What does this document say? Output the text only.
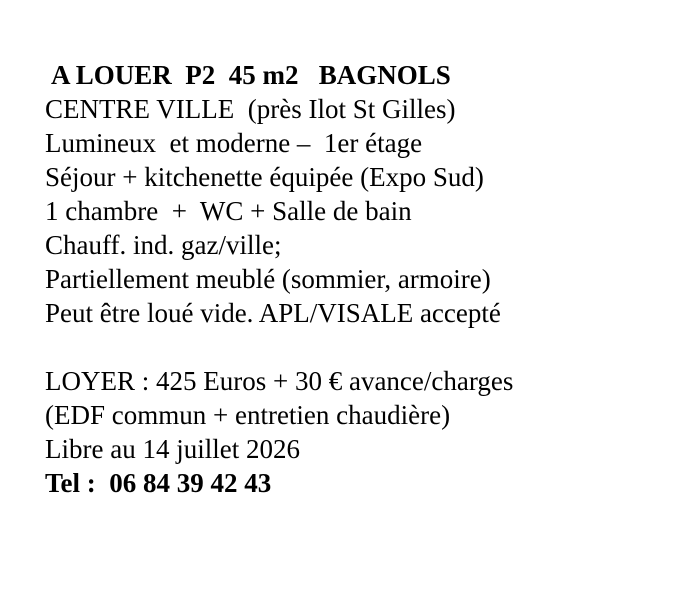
A LOUER  P2  45 m2   BAGNOLS
CENTRE VILLE  (près Ilot St Gilles)
Lumineux  et moderne –  1er étage
Séjour + kitchenette équipée (Expo Sud)
1 chambre  +  WC + Salle de bain
Chauff. ind. gaz/ville;
Partiellement meublé (sommier, armoire)
Peut être loué vide. APL/VISALE accepté
LOYER : 425 Euros + 30 € avance/charges
(EDF commun + entretien chaudière)
Libre au 14 juillet 2026
Tel :  06 84 39 42 43
